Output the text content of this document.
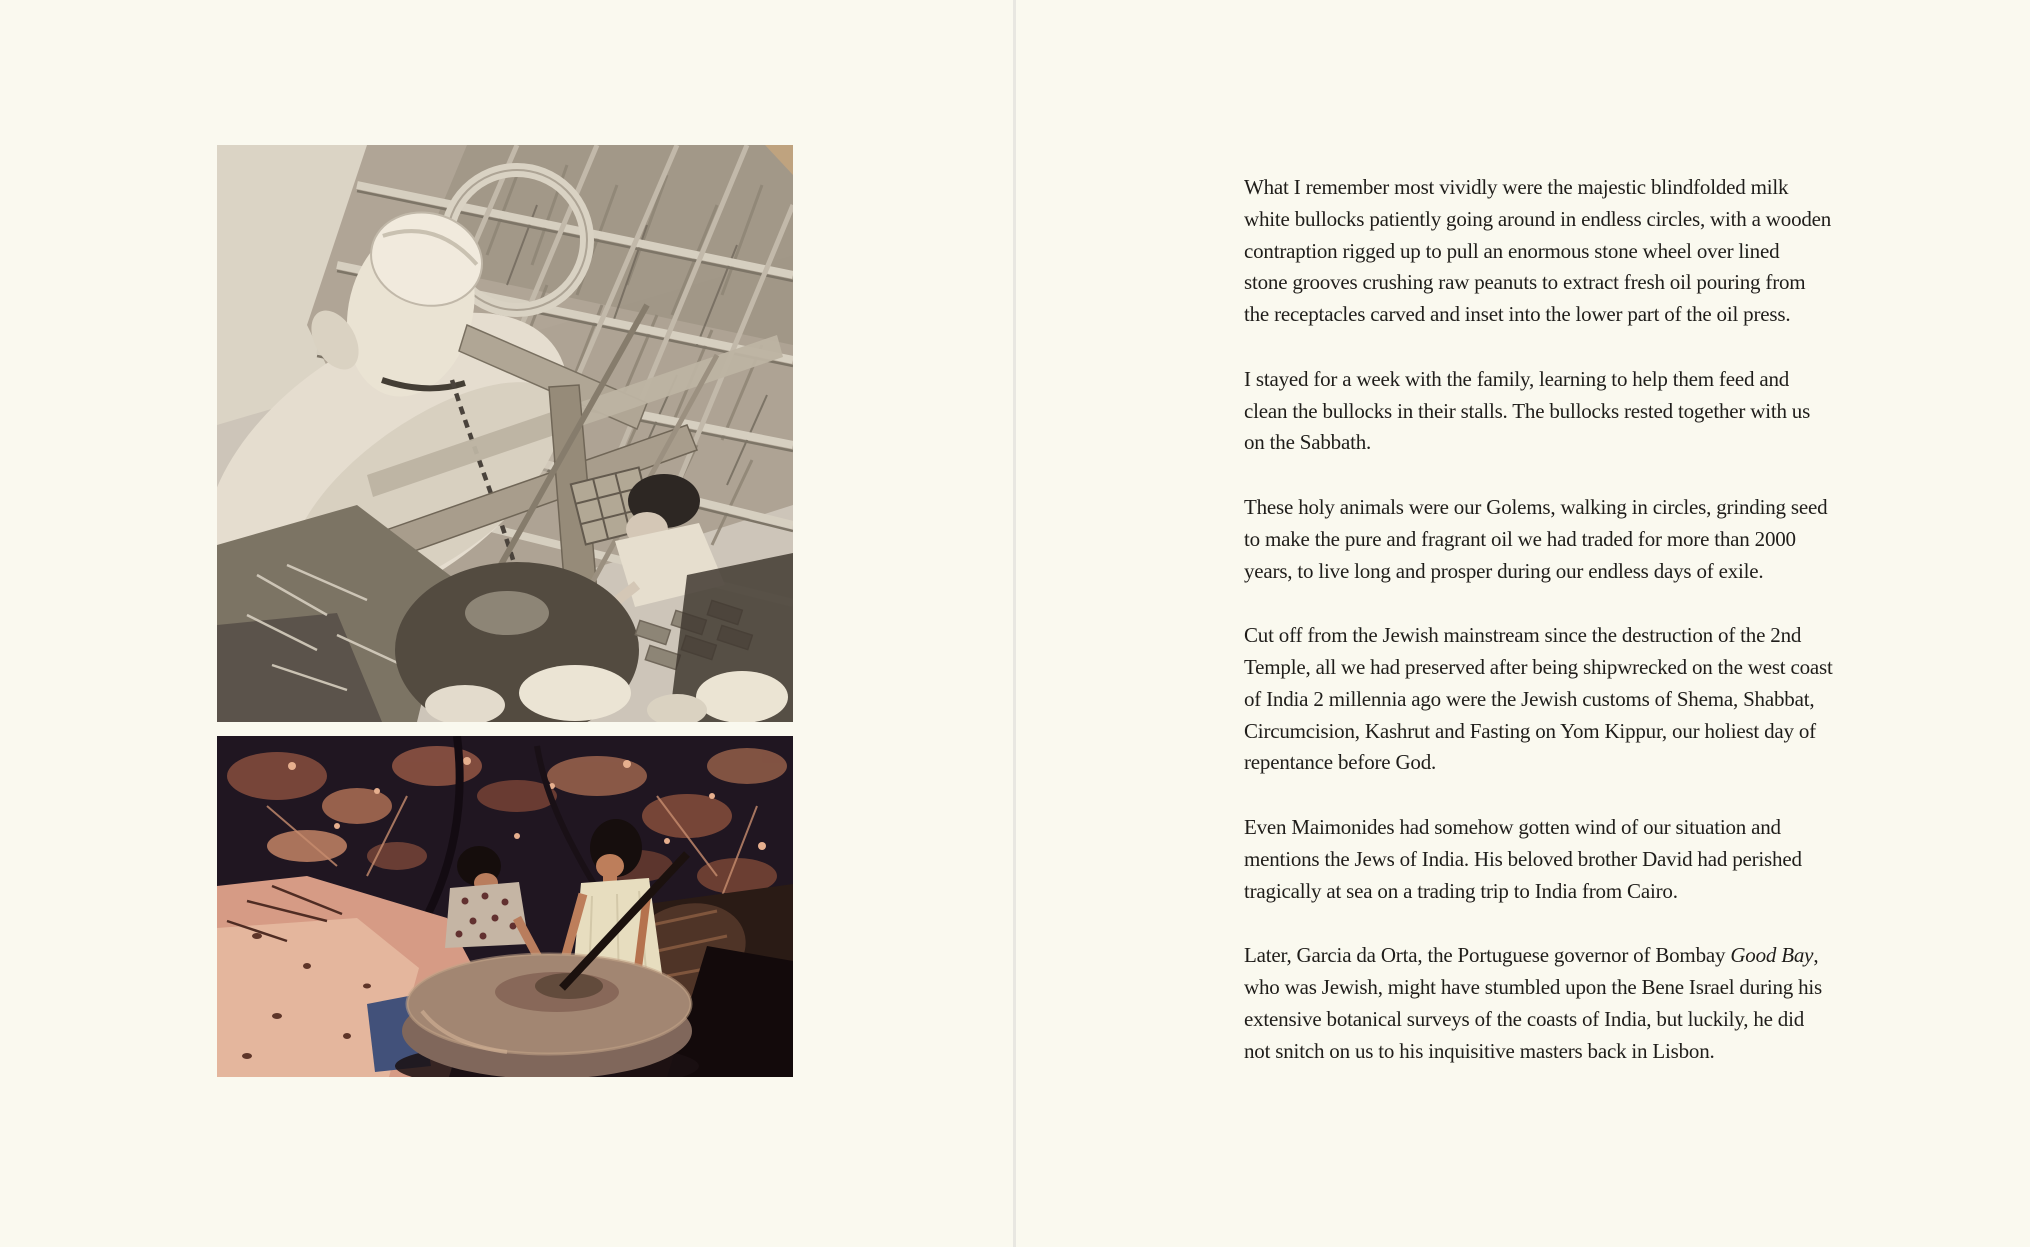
What I remember most vividly were the majestic blindfolded milk
white bullocks patiently going around in endless circles, with a wooden
contraption rigged up to pull an enormous stone wheel over lined
stone grooves crushing raw peanuts to extract fresh oil pouring from
the receptacles carved and inset into the lower part of the oil press.

I stayed for a week with the family, learning to help them feed and
clean the bullocks in their stalls. The bullocks rested together with us
on the Sabbath.

These holy animals were our Golems, walking in circles, grinding seed
to make the pure and fragrant oil we had traded for more than 2000
years, to live long and prosper during our endless days of exile.

Cut off from the Jewish mainstream since the destruction of the 2nd
Temple, all we had preserved after being shipwrecked on the west coast
of India 2 millennia ago were the Jewish customs of Shema, Shabbat,
Circumcision, Kashrut and Fasting on Yom Kippur, our holiest day of
repentance before God.

Even Maimonides had somehow gotten wind of our situation and
mentions the Jews of India. His beloved brother David had perished
tragically at sea on a trading trip to India from Cairo.

Later, Garcia da Orta, the Portuguese governor of Bombay Good Bay,
who was Jewish, might have stumbled upon the Bene Israel during his
extensive botanical surveys of the coasts of India, but luckily, he did
not snitch on us to his inquisitive masters back in Lisbon.
